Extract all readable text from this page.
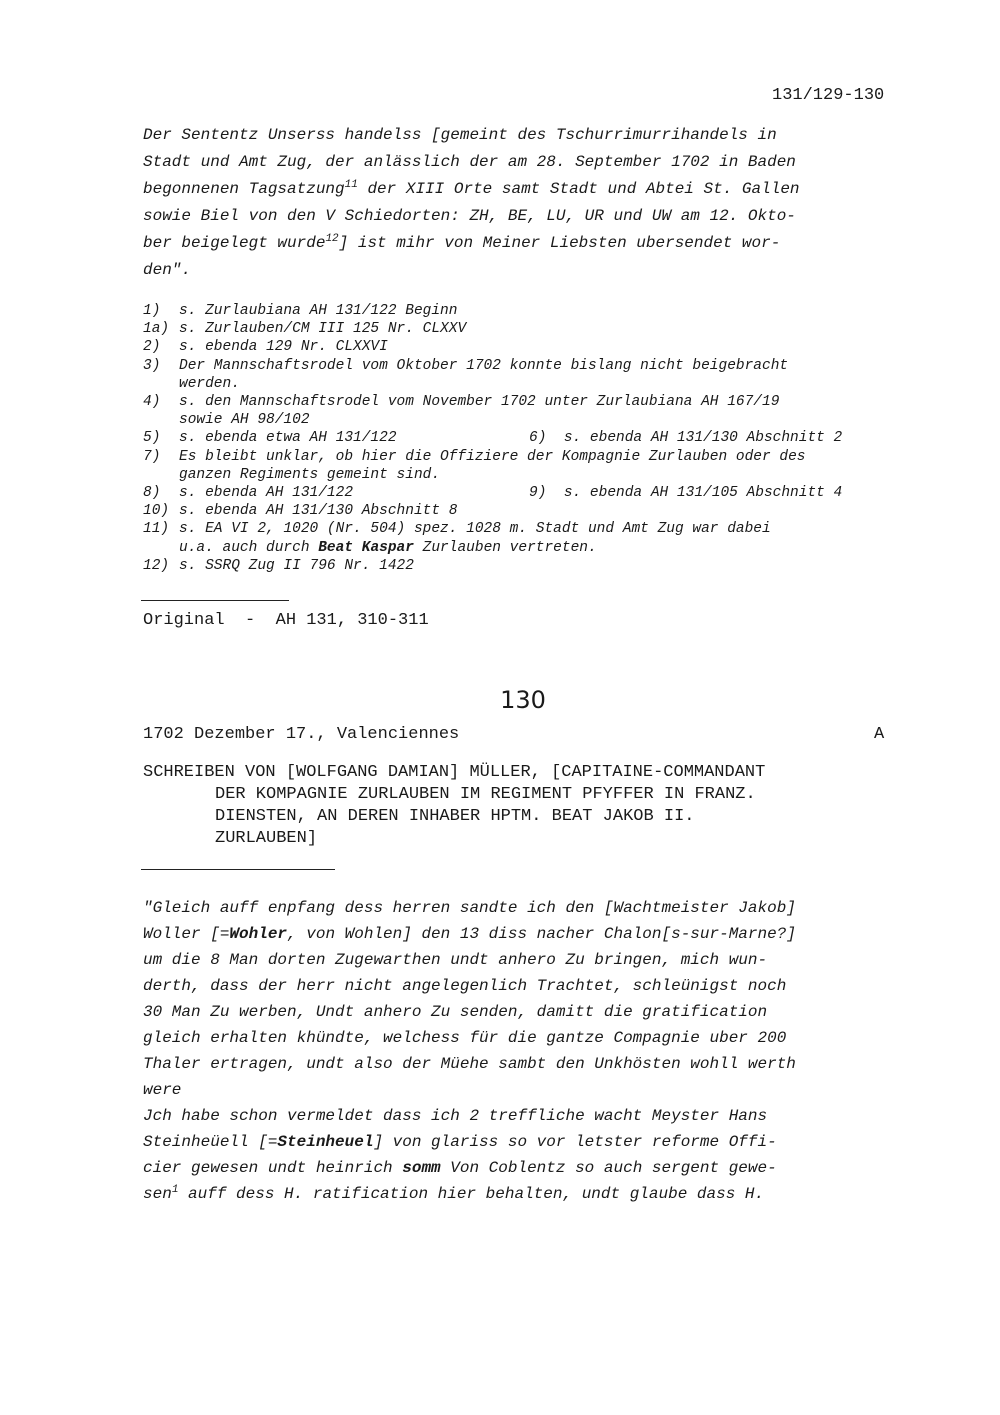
131/129-130
Der Sententz Unserss handelss [gemeint des Tschurrimurrihandels in
Stadt und Amt Zug, der anlässlich der am 28. September 1702 in Baden
begonnenen Tagsatzung$^{11}$ der XIII Orte samt Stadt und Abtei St. Gallen
sowie Biel von den V Schiedorten: ZH, BE, LU, UR und UW am 12. Okto-
ber beigelegt wurde$^{12}$] ist mihr von Meiner Liebsten ubersendet wor-
den".
1)	s. Zurlaubiana AH 131/122 Beginn
1a) s. Zurlauben/CM III 125 Nr. CLXXV
2)	s. ebenda 129 Nr. CLXXVI
3)	Der Mannschaftsrodel vom Oktober 1702 konnte bislang nicht beigebracht
werden.
4)	s. den Mannschaftsrodel vom November 1702 unter Zurlaubiana AH 167/19
sowie AH 98/102
5)	s. ebenda etwa AH 131/122	6) s. ebenda AH 131/130 Abschnitt 2
7)	Es bleibt unklar, ob hier die Offiziere der Kompagnie Zurlauben oder des
ganzen Regiments gemeint sind.
8)	s. ebenda AH 131/122	9) s. ebenda AH 131/105 Abschnitt 4
10) s. ebenda AH 131/130 Abschnitt 8
11) s. EA VI 2, 1020 (Nr. 504) spez. 1028 m. Stadt und Amt Zug war dabei
u.a. auch durch Beat Kaspar Zurlauben vertreten.
12) s. SSRQ Zug II 796 Nr. 1422
Original  -  AH 131, 310-311
130
1702 Dezember 17., Valenciennes	A
SCHREIBEN VON [WOLFGANG DAMIAN] MÜLLER, [CAPITAINE-COMMANDANT
DER KOMPAGNIE ZURLAUBEN IM REGIMENT PFYFFER IN FRANZ.
DIENSTEN, AN DEREN INHABER HPTM. BEAT JAKOB II.
ZURLAUBEN]
"Gleich auff enpfang dess herren sandte ich den [Wachtmeister Jakob]
Woller [=Wohler, von Wohlen] den 13 diss nacher Chalon[s-sur-Marne?]
um die 8 Man dorten Zugewarthen undt anhero Zu bringen, mich wun-
derth, dass der herr nicht angelegenlich Trachtet, schleünigst noch
30 Man Zu werben, Undt anhero Zu senden, damitt die gratification
gleich erhalten khündte, welchess für die gantze Compagnie uber 200
Thaler ertragen, undt also der Müehe sambt den Unkhösten wohll werth
were
Jch habe schon vermeldet dass ich 2 treffliche wacht Meyster Hans
Steinheüell [=Steinheuel] von glariss so vor letster reforme Offi-
cier gewesen undt heinrich somm Von Coblentz so auch sergent gewe-
sen$^1$ auff dess H. ratification hier behalten, undt glaube dass H.
